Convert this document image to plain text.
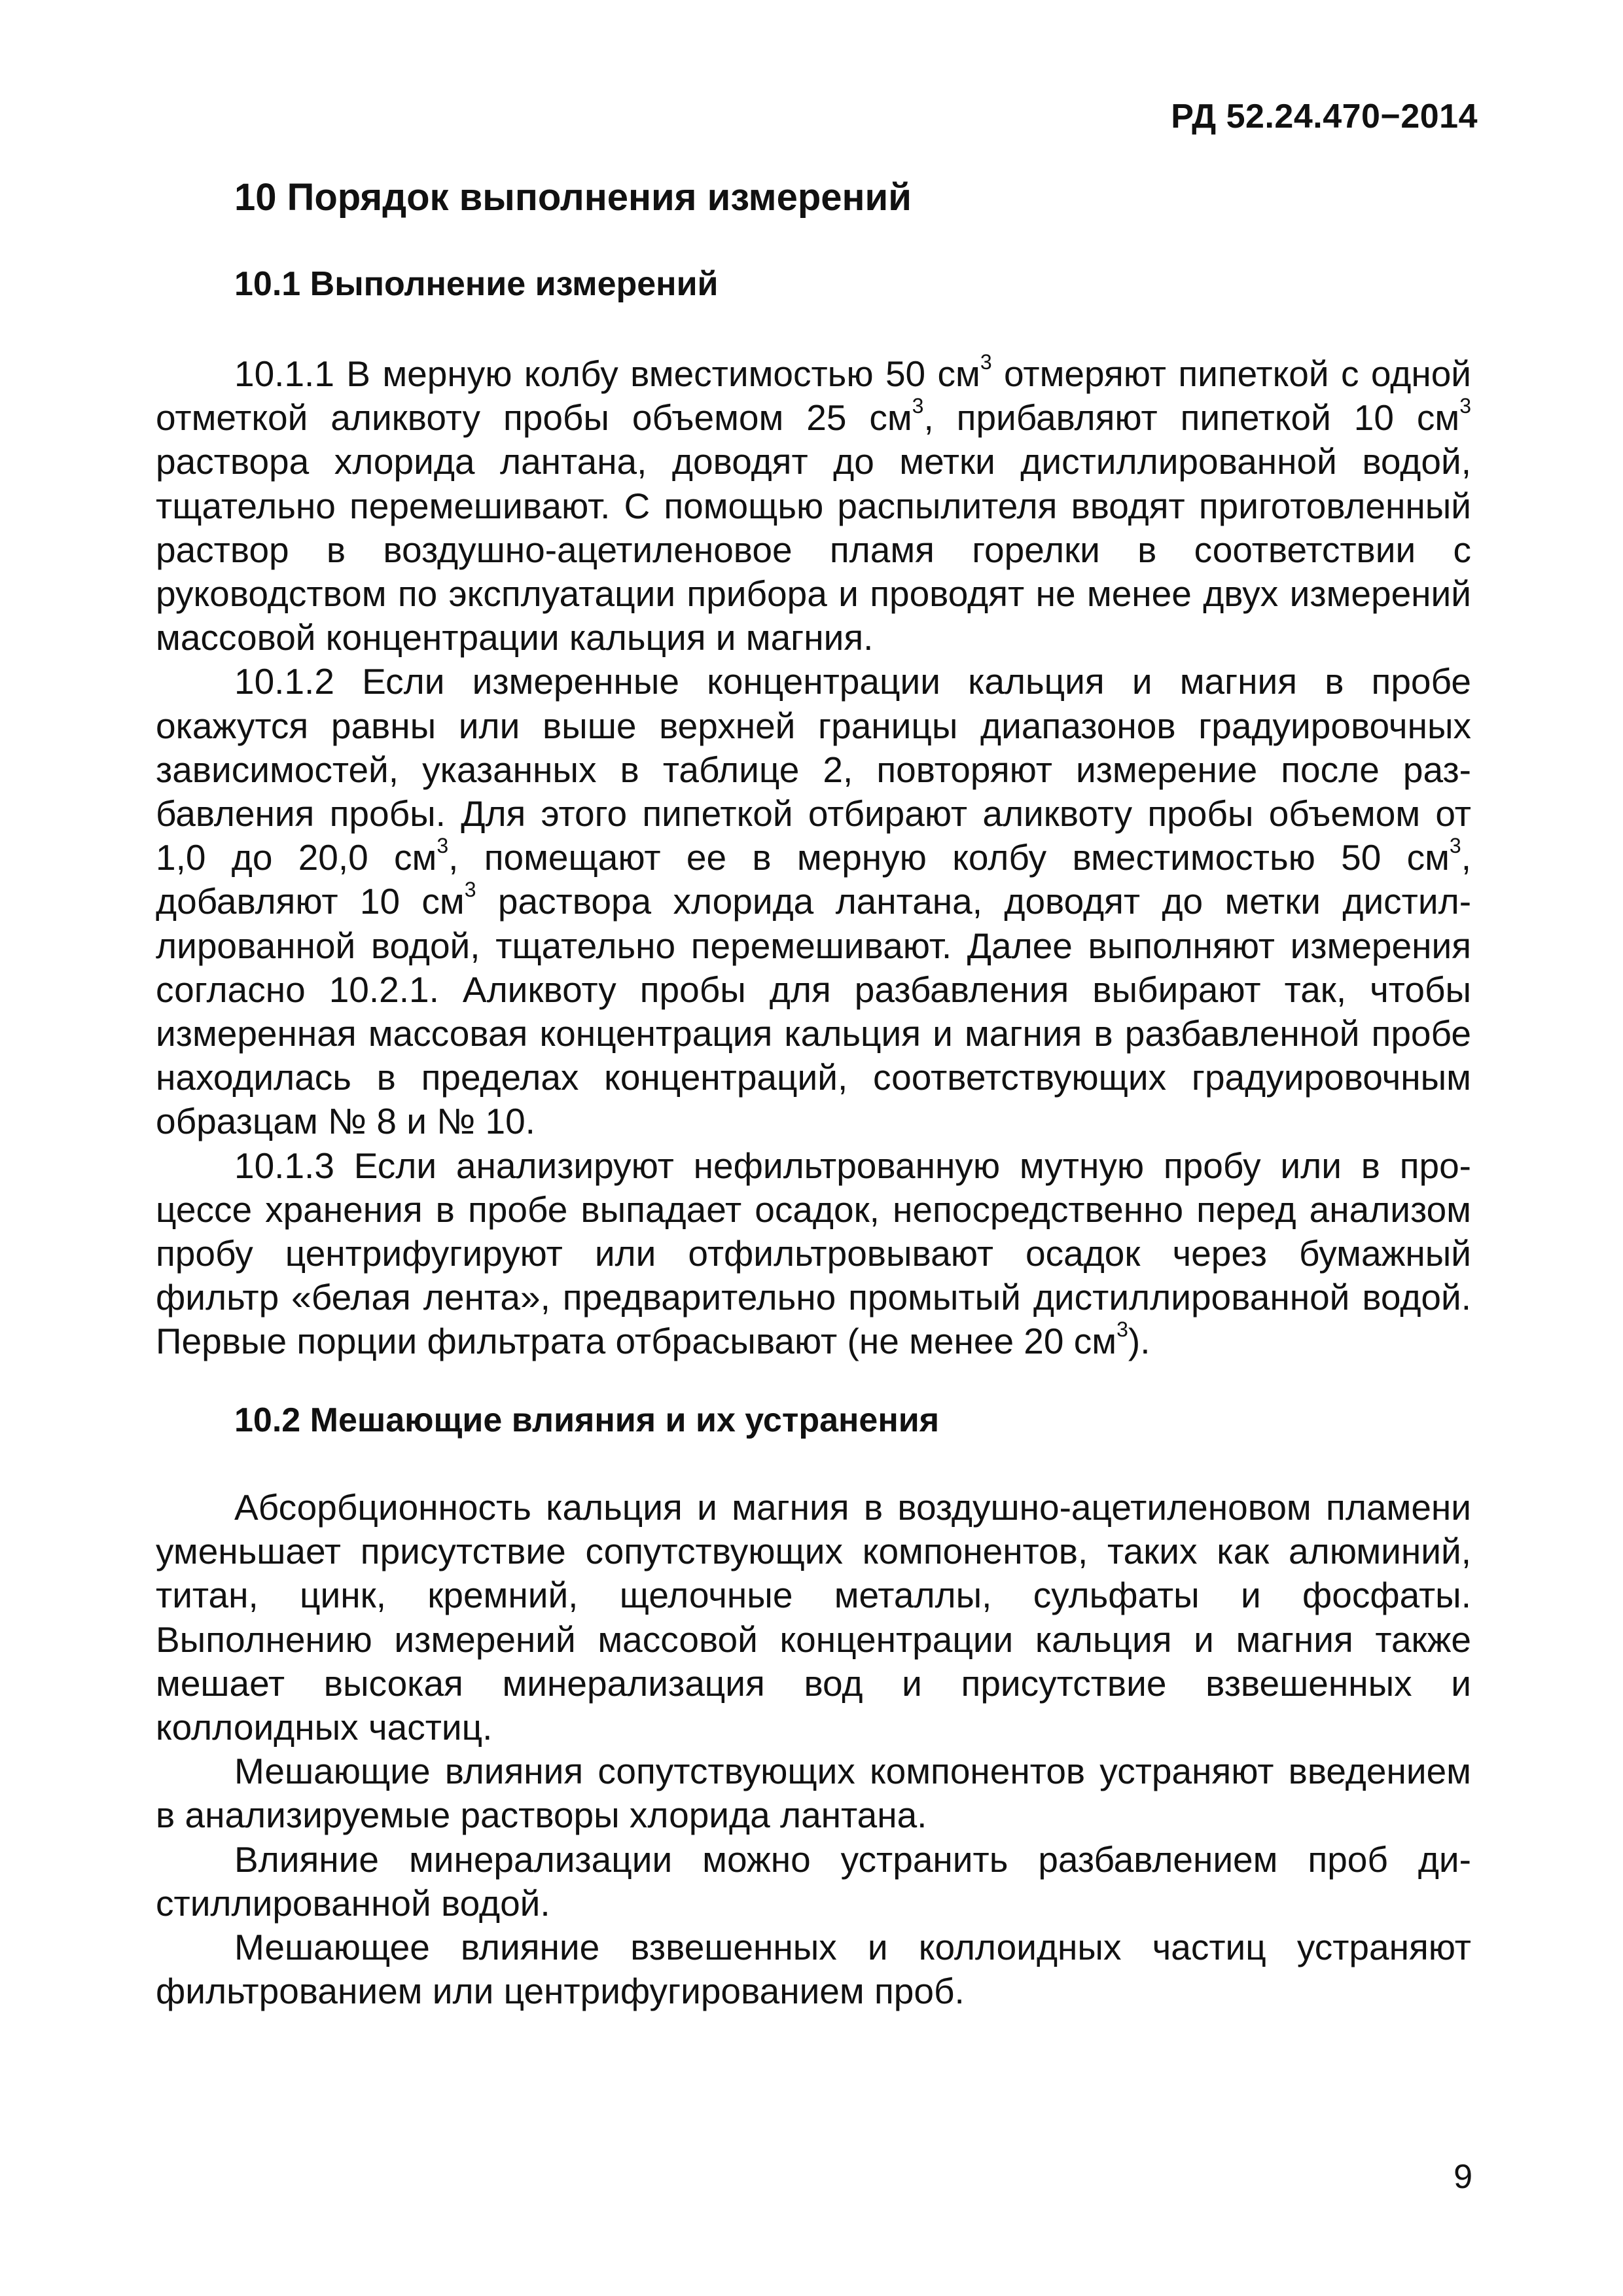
РД 52.24.470−2014
10 Порядок выполнения измерений
10.1 Выполнение измерений

10.1.1 В мерную колбу вместимостью 50 $см^3$ отмеряют пипеткой с одной отметкой аликвоту пробы объемом 25 $см^3$, прибавляют пипеткой 10 $см^3$ раствора хлорида лантана, доводят до метки дистиллированной водой, тщательно перемешивают. С помощью распылителя вводят приготовленный раствор в воздушно-ацетиленовое пламя горелки в соответствии с руководством по эксплуатации прибора и проводят не менее двух измерений массовой концентрации кальция и магния.

10.1.2 Если измеренные концентрации кальция и магния в пробе окажутся равны или выше верхней границы диапазонов градуировочных зависимостей, указанных в таблице 2, повторяют измерение после разбавления пробы. Для этого пипеткой отбирают аликвоту пробы объемом от 1,0 до 20,0 $см^3$, помещают ее в мерную колбу вместимостью 50 $см^3$, добавляют 10 $см^3$ раствора хлорида лантана, доводят до метки дистиллированной водой, тщательно перемешивают. Далее выполняют измерения согласно 10.2.1. Аликвоту пробы для разбавления выбирают так, чтобы измеренная массовая концентрация кальция и магния в разбавленной пробе находилась в пределах концентраций, соответствующих градуировочным образцам № 8 и № 10.

10.1.3 Если анализируют нефильтрованную мутную пробу или в процессе хранения в пробе выпадает осадок, непосредственно перед анализом пробу центрифугируют или отфильтровывают осадок через бумажный фильтр «белая лента», предварительно промытый дистиллированной водой. Первые порции фильтрата отбрасывают (не менее 20 $см^3$).

10.2 Мешающие влияния и их устранения

Абсорбционность кальция и магния в воздушно-ацетиленовом пламени уменьшает присутствие сопутствующих компонентов, таких как алюминий, титан, цинк, кремний, щелочные металлы, сульфаты и фосфаты. Выполнению измерений массовой концентрации кальция и магния также мешает высокая минерализация вод и присутствие взвешенных и коллоидных частиц.

Мешающие влияния сопутствующих компонентов устраняют введением в анализируемые растворы хлорида лантана.

Влияние минерализации можно устранить разбавлением проб дистиллированной водой.

Мешающее влияние взвешенных и коллоидных частиц устраняют фильтрованием или центрифугированием проб.

9
